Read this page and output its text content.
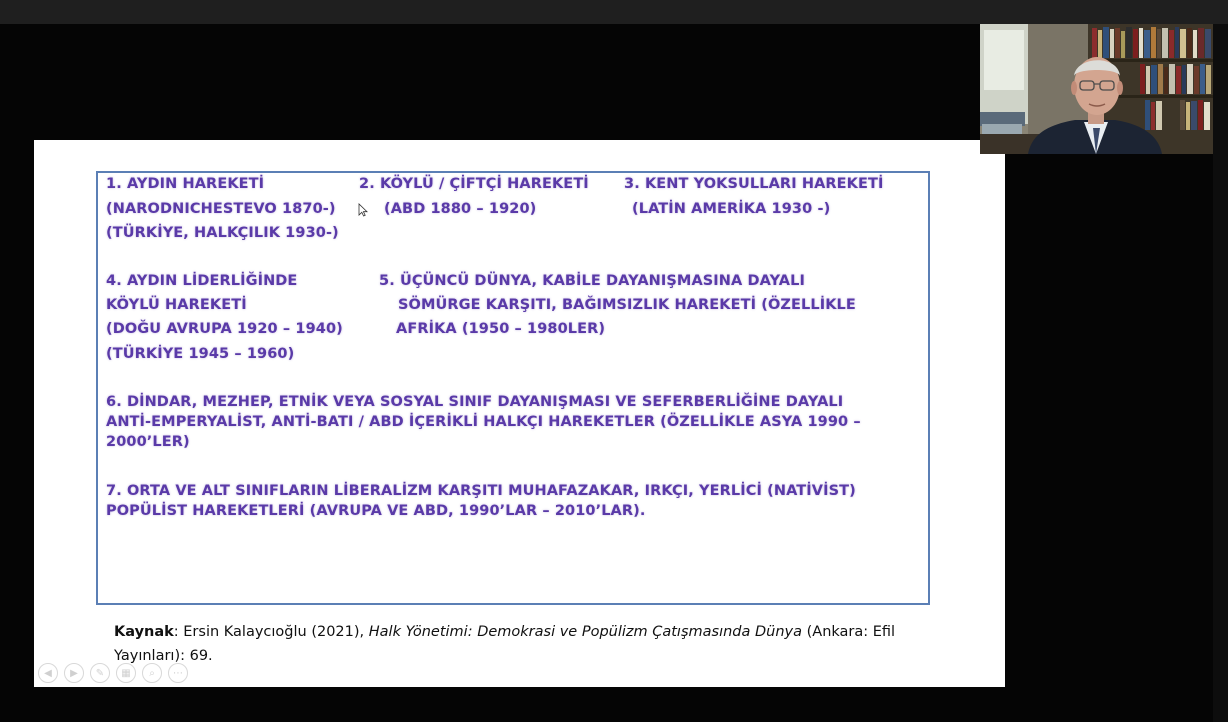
1. AYDIN HAREKETİ
(NARODNICHESTEVO 1870-)
(TÜRKİYE, HALKÇILIK 1930-)
2. KÖYLÜ / ÇİFTÇİ HAREKETİ
(ABD 1880 – 1920)
3. KENT YOKSULLARI HAREKETİ
(LATİN AMERİKA 1930 -)
4. AYDIN LİDERLİĞİNDE
KÖYLÜ HAREKETİ
(DOĞU AVRUPA 1920 – 1940)
(TÜRKİYE 1945 – 1960)
5. ÜÇÜNCÜ DÜNYA, KABİLE DAYANIŞMASINA DAYALI
SÖMÜRGE KARŞITI, BAĞIMSIZLIK HAREKETİ (ÖZELLİKLE
AFRİKA (1950 – 1980LER)
6. DİNDAR, MEZHEP, ETNİK VEYA SOSYAL SINIF DAYANIŞMASI VE SEFERBERLİĞİNE DAYALI
ANTİ-EMPERYALİST, ANTİ-BATI / ABD İÇERİKLİ HALKÇI HAREKETLER (ÖZELLİKLE ASYA 1990 –
2000’LER)
7. ORTA VE ALT SINIFLARIN LİBERALİZM KARŞITI MUHAFAZAKAR, IRKÇI, YERLİCİ (NATİVİST)
POPÜLİST HAREKETLERİ (AVRUPA VE ABD, 1990’LAR – 2010’LAR).
Kaynak: Ersin Kalaycıoğlu (2021), Halk Yönetimi: Demokrasi ve Popülizm Çatışmasında Dünya (Ankara: Efil Yayınları): 69.
◀ ▶ ✎ ▦ ⌕ ⋯
